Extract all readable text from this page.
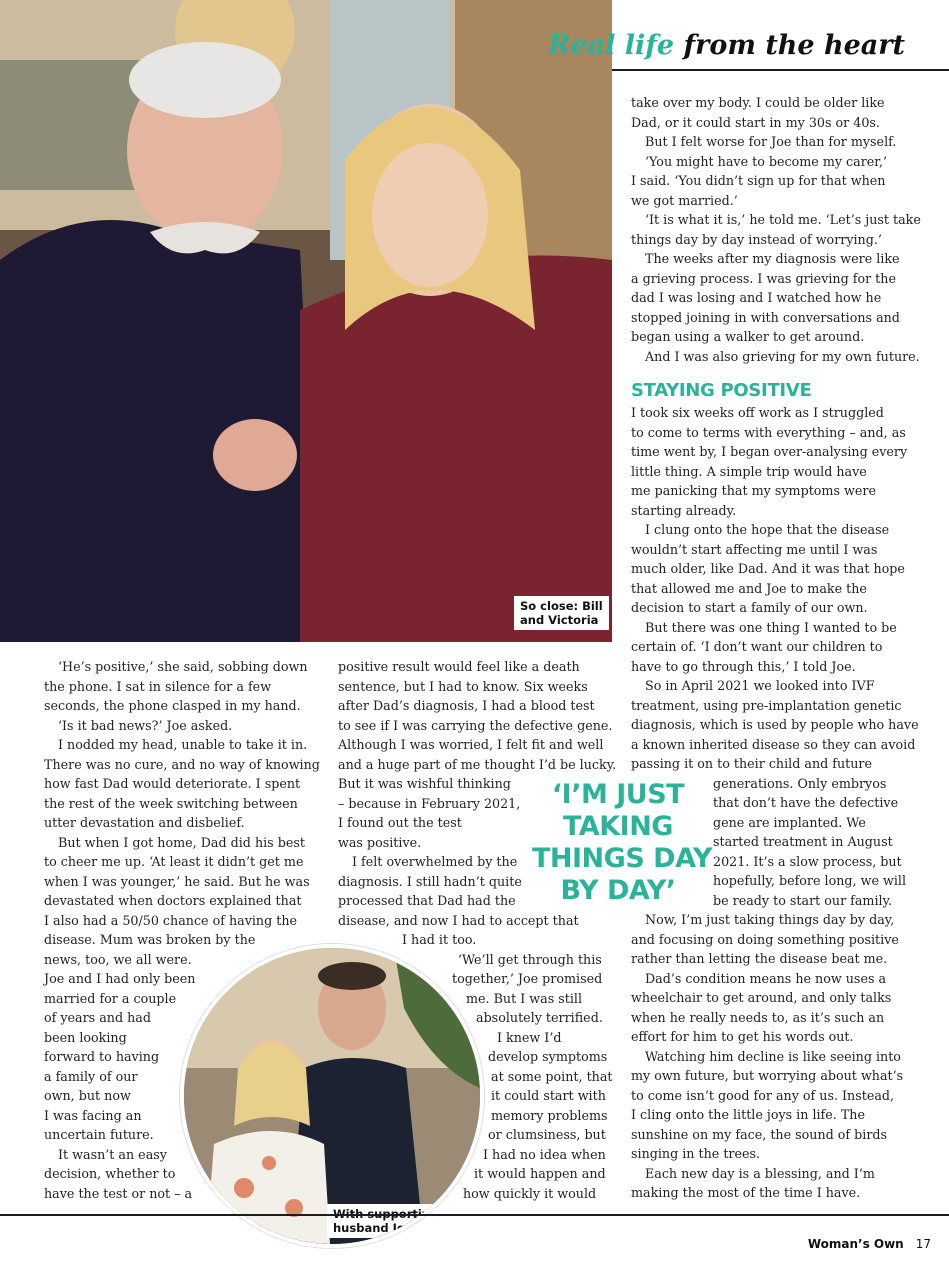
So close: Bill
and Victoria
Real life from the heart
‘He’s positive,’ she said, sobbing down
the phone. I sat in silence for a few
seconds, the phone clasped in my hand.
‘Is it bad news?’ Joe asked.
I nodded my head, unable to take it in.
There was no cure, and no way of knowing
how fast Dad would deteriorate. I spent
the rest of the week switching between
utter devastation and disbelief.
But when I got home, Dad did his best
to cheer me up. ‘At least it didn’t get me
when I was younger,’ he said. But he was
devastated when doctors explained that
I also had a 50/50 chance of having the
disease. Mum was broken by the
news, too, we all were.
Joe and I had only been
married for a couple
of years and had
been looking
forward to having
a family of our
own, but now
I was facing an
uncertain future.
It wasn’t an easy
decision, whether to
have the test or not – a
positive result would feel like a death
sentence, but I had to know. Six weeks
after Dad’s diagnosis, I had a blood test
to see if I was carrying the defective gene.
Although I was worried, I felt fit and well
and a huge part of me thought I’d be lucky.
But it was wishful thinking
– because in February 2021,
I found out the test
was positive.
I felt overwhelmed by the
diagnosis. I still hadn’t quite
processed that Dad had the
disease, and now I had to accept that
I had it too.
‘We’ll get through this
together,’ Joe promised
me. But I was still
absolutely terrified.
I knew I’d
develop symptoms
at some point, that
it could start with
memory problems
or clumsiness, but
I had no idea when
it would happen and
how quickly it would
take over my body. I could be older like
Dad, or it could start in my 30s or 40s.
But I felt worse for Joe than for myself.
‘You might have to become my carer,’
I said. ‘You didn’t sign up for that when
we got married.’
‘It is what it is,’ he told me. ‘Let’s just take
things day by day instead of worrying.’
The weeks after my diagnosis were like
a grieving process. I was grieving for the
dad I was losing and I watched how he
stopped joining in with conversations and
began using a walker to get around.
And I was also grieving for my own future.
STAYING POSITIVE
I took six weeks off work as I struggled
to come to terms with everything – and, as
time went by, I began over-analysing every
little thing. A simple trip would have
me panicking that my symptoms were
starting already.
I clung onto the hope that the disease
wouldn’t start affecting me until I was
much older, like Dad. And it was that hope
that allowed me and Joe to make the
decision to start a family of our own.
But there was one thing I wanted to be
certain of. ‘I don’t want our children to
have to go through this,’ I told Joe.
So in April 2021 we looked into IVF
treatment, using pre-implantation genetic
diagnosis, which is used by people who have
a known inherited disease so they can avoid
passing it on to their child and future
generations. Only embryos
that don’t have the defective
gene are implanted. We
started treatment in August
2021. It’s a slow process, but
hopefully, before long, we will
be ready to start our family.
Now, I’m just taking things day by day,
and focusing on doing something positive
rather than letting the disease beat me.
Dad’s condition means he now uses a
wheelchair to get around, and only talks
when he really needs to, as it’s such an
effort for him to get his words out.
Watching him decline is like seeing into
my own future, but worrying about what’s
to come isn’t good for any of us. Instead,
I cling onto the little joys in life. The
sunshine on my face, the sound of birds
singing in the trees.
Each new day is a blessing, and I’m
making the most of the time I have.
‘I’M JUST
TAKING
THINGS DAY
BY DAY’
husband Joe
Woman’s Own 17
